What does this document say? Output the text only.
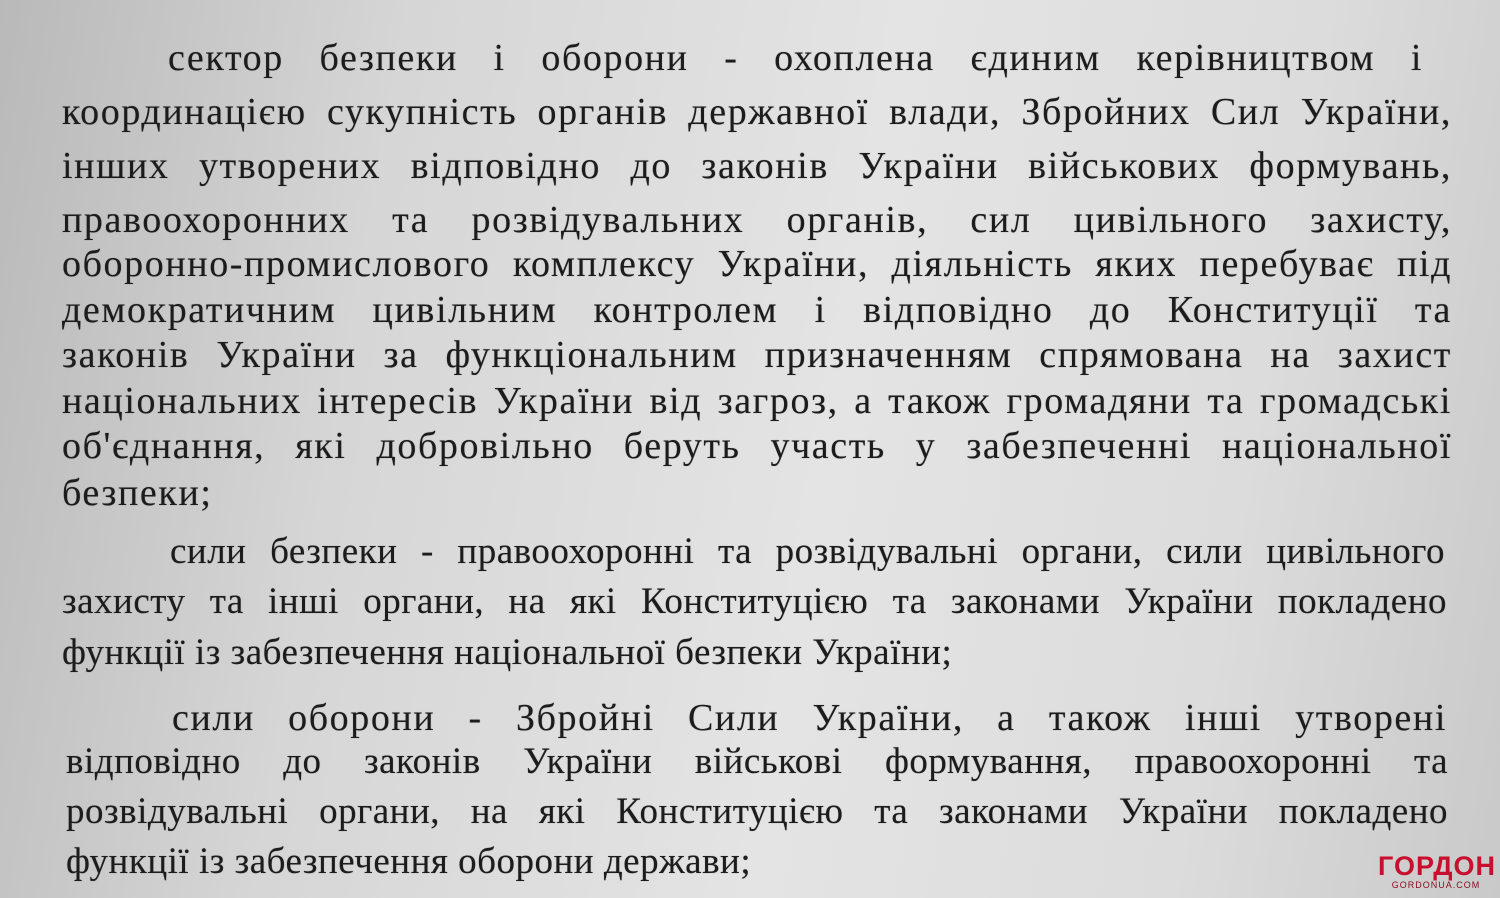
сектор безпеки і оборони - охоплена єдиним керівництвом і
координацією сукупність органів державної влади, Збройних Сил України,
інших утворених відповідно до законів України військових формувань,
правоохоронних та розвідувальних органів, сил цивільного захисту,
оборонно-промислового комплексу України, діяльність яких перебуває під
демократичним цивільним контролем і відповідно до Конституції та
законів України за функціональним призначенням спрямована на захист
національних інтересів України від загроз, а також громадяни та громадські
об'єднання, які добровільно беруть участь у забезпеченні національної
безпеки;
сили безпеки - правоохоронні та розвідувальні органи, сили цивільного
захисту та інші органи, на які Конституцією та законами України покладено
функції із забезпечення національної безпеки України;
сили оборони - Збройні Сили України, а також інші утворені
відповідно до законів України військові формування, правоохоронні та
розвідувальні органи, на які Конституцією та законами України покладено
функції із забезпечення оборони держави;	ГОРДОН
GORDONUA.COM
